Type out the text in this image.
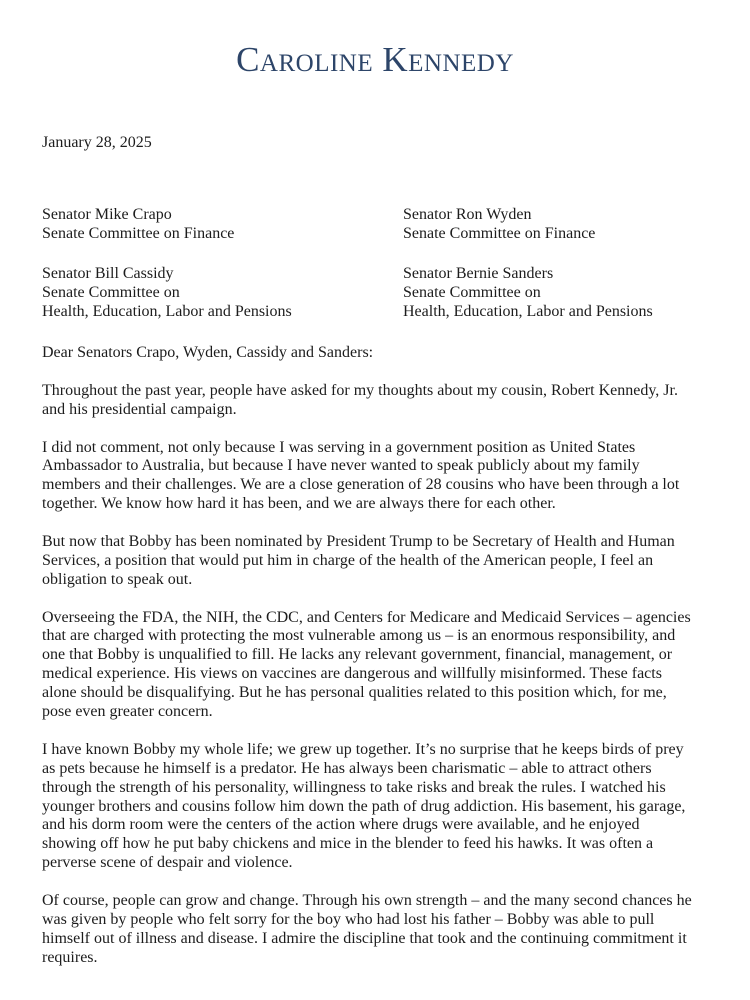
Caroline Kennedy
January 28, 2025
Senator Mike Crapo
Senate Committee on Finance
Senator Ron Wyden
Senate Committee on Finance
Senator Bill Cassidy
Senate Committee on
Health, Education, Labor and Pensions
Senator Bernie Sanders
Senate Committee on
Health, Education, Labor and Pensions
Dear Senators Crapo, Wyden, Cassidy and Sanders:
Throughout the past year, people have asked for my thoughts about my cousin, Robert Kennedy, Jr.
and his presidential campaign.
I did not comment, not only because I was serving in a government position as United States
Ambassador to Australia, but because I have never wanted to speak publicly about my family
members and their challenges. We are a close generation of 28 cousins who have been through a lot
together. We know how hard it has been, and we are always there for each other.
But now that Bobby has been nominated by President Trump to be Secretary of Health and Human
Services, a position that would put him in charge of the health of the American people, I feel an
obligation to speak out.
Overseeing the FDA, the NIH, the CDC, and Centers for Medicare and Medicaid Services – agencies
that are charged with protecting the most vulnerable among us – is an enormous responsibility, and
one that Bobby is unqualified to fill. He lacks any relevant government, financial, management, or
medical experience. His views on vaccines are dangerous and willfully misinformed. These facts
alone should be disqualifying. But he has personal qualities related to this position which, for me,
pose even greater concern.
I have known Bobby my whole life; we grew up together. It’s no surprise that he keeps birds of prey
as pets because he himself is a predator. He has always been charismatic – able to attract others
through the strength of his personality, willingness to take risks and break the rules. I watched his
younger brothers and cousins follow him down the path of drug addiction. His basement, his garage,
and his dorm room were the centers of the action where drugs were available, and he enjoyed
showing off how he put baby chickens and mice in the blender to feed his hawks. It was often a
perverse scene of despair and violence.
Of course, people can grow and change. Through his own strength – and the many second chances he
was given by people who felt sorry for the boy who had lost his father – Bobby was able to pull
himself out of illness and disease. I admire the discipline that took and the continuing commitment it
requires.
